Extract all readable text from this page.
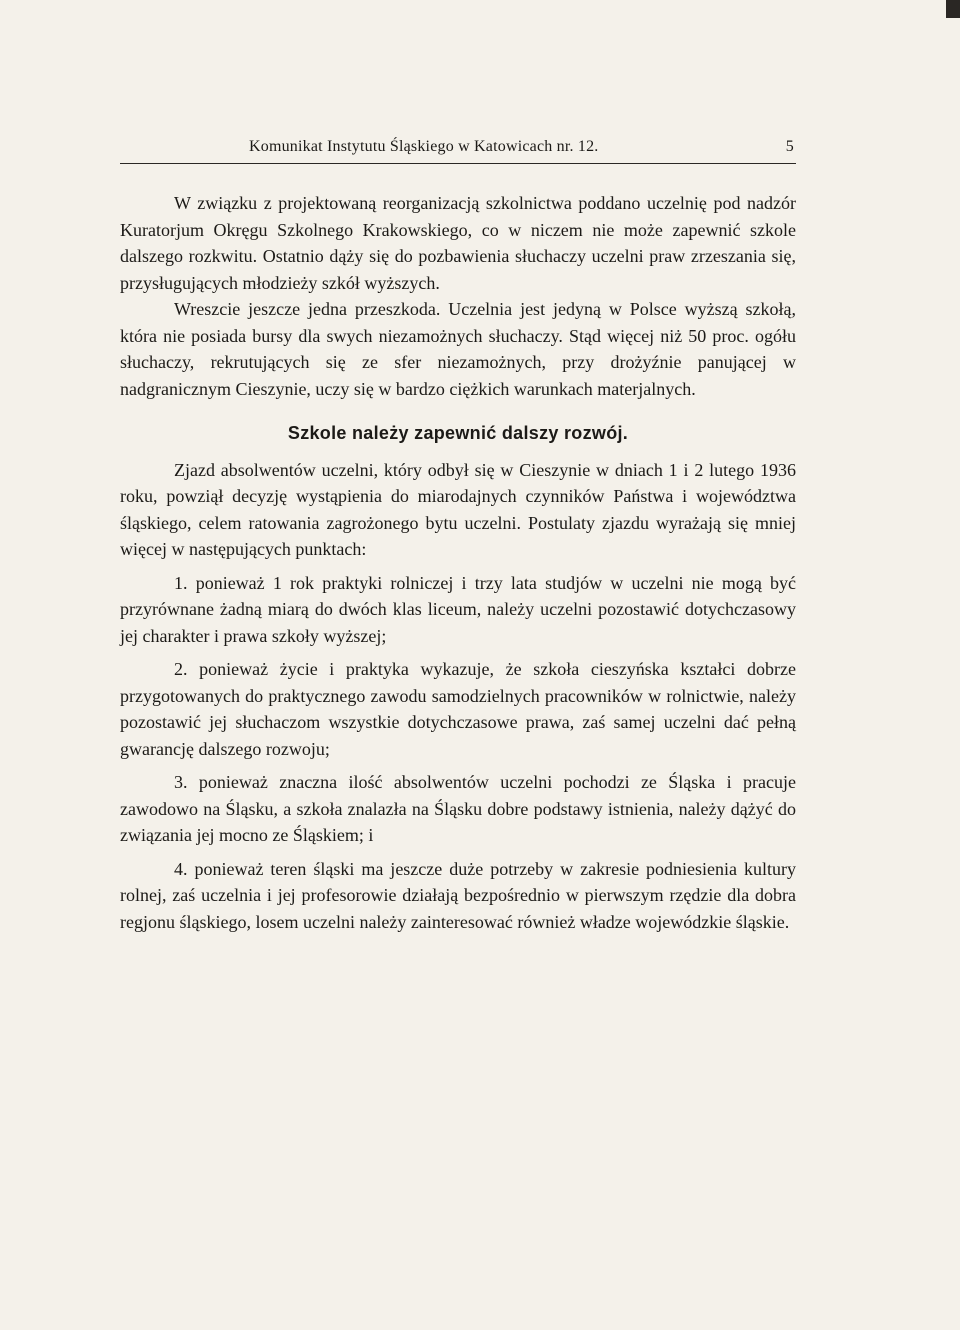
Komunikat Instytutu Śląskiego w Katowicach nr. 12.	5

W związku z projektowaną reorganizacją szkolnictwa poddano uczelnię pod nadzór Kuratorjum Okręgu Szkolnego Krakowskiego, co w niczem nie może zapewnić szkole dalszego rozkwitu. Ostatnio dąży się do pozbawienia słuchaczy uczelni praw zrzeszania się, przysługujących młodzieży szkół wyższych.

Wreszcie jeszcze jedna przeszkoda. Uczelnia jest jedyną w Polsce wyższą szkołą, która nie posiada bursy dla swych niezamożnych słuchaczy. Stąd więcej niż 50 proc. ogółu słuchaczy, rekrutujących się ze sfer niezamożnych, przy drożyźnie panującej w nadgranicznym Cieszynie, uczy się w bardzo ciężkich warunkach materjalnych.

Szkole należy zapewnić dalszy rozwój.

Zjazd absolwentów uczelni, który odbył się w Cieszynie w dniach 1 i 2 lutego 1936 roku, powziął decyzję wystąpienia do miarodajnych czynników Państwa i województwa śląskiego, celem ratowania zagrożonego bytu uczelni. Postulaty zjazdu wyrażają się mniej więcej w następujących punktach:

1. ponieważ 1 rok praktyki rolniczej i trzy lata studjów w uczelni nie mogą być przyrównane żadną miarą do dwóch klas liceum, należy uczelni pozostawić dotychczasowy jej charakter i prawa szkoły wyższej;

2. ponieważ życie i praktyka wykazuje, że szkoła cieszyńska kształci dobrze przygotowanych do praktycznego zawodu samodzielnych pracowników w rolnictwie, należy pozostawić jej słuchaczom wszystkie dotychczasowe prawa, zaś samej uczelni dać pełną gwarancję dalszego rozwoju;

3. ponieważ znaczna ilość absolwentów uczelni pochodzi ze Śląska i pracuje zawodowo na Śląsku, a szkoła znalazła na Śląsku dobre podstawy istnienia, należy dążyć do związania jej mocno ze Śląskiem; i

4. ponieważ teren śląski ma jeszcze duże potrzeby w zakresie podniesienia kultury rolnej, zaś uczelnia i jej profesorowie działają bezpośrednio w pierwszym rzędzie dla dobra regjonu śląskiego, losem uczelni należy zainteresować również władze wojewódzkie śląskie.
